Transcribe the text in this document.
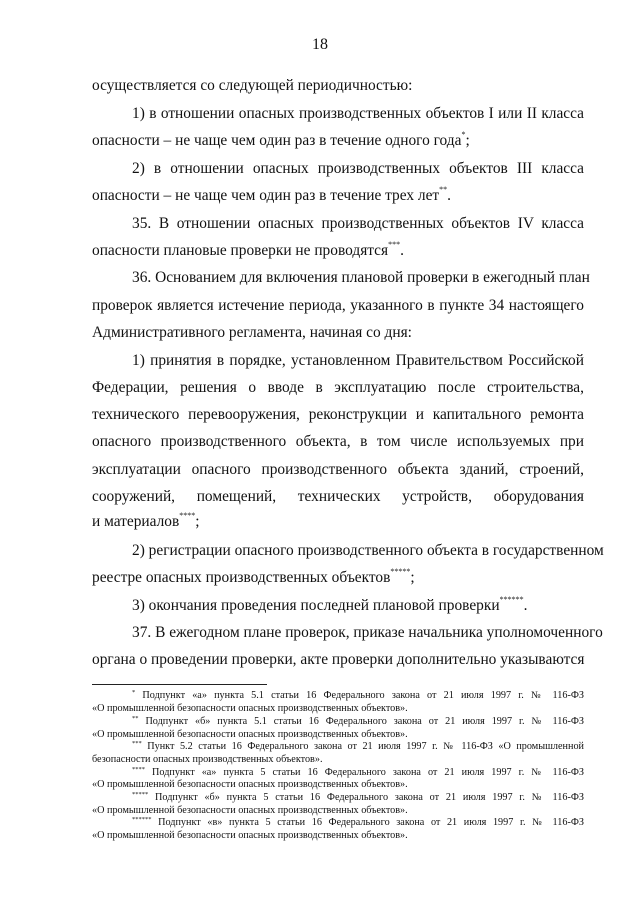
18
осуществляется со следующей периодичностью:
1) в отношении опасных производственных объектов I или II класса
опасности – не чаще чем один раз в течение одного года*;
2) в отношении опасных производственных объектов III класса
опасности – не чаще чем один раз в течение трех лет**.
35. В отношении опасных производственных объектов IV класса
опасности плановые проверки не проводятся***.
36. Основанием для включения плановой проверки в ежегодный план
проверок является истечение периода, указанного в пункте 34 настоящего
Административного регламента, начиная со дня:
1) принятия в порядке, установленном Правительством Российской
Федерации, решения о вводе в эксплуатацию после строительства,
технического перевооружения, реконструкции и капитального ремонта
опасного производственного объекта, в том числе используемых при
эксплуатации опасного производственного объекта зданий, строений,
сооружений, помещений, технических устройств, оборудования
и материалов****;
2) регистрации опасного производственного объекта в государственном
реестре опасных производственных объектов*****;
3) окончания проведения последней плановой проверки******.
37. В ежегодном плане проверок, приказе начальника уполномоченного
органа о проведении проверки, акте проверки дополнительно указываются
* Подпункт «а» пункта 5.1 статьи 16 Федерального закона от 21 июля 1997 г. № 116-ФЗ
«О промышленной безопасности опасных производственных объектов».
** Подпункт «б» пункта 5.1 статьи 16 Федерального закона от 21 июля 1997 г. № 116-ФЗ
«О промышленной безопасности опасных производственных объектов».
*** Пункт 5.2 статьи 16 Федерального закона от 21 июля 1997 г. № 116-ФЗ «О промышленной
безопасности опасных производственных объектов».
**** Подпункт «а» пункта 5 статьи 16 Федерального закона от 21 июля 1997 г. № 116-ФЗ
«О промышленной безопасности опасных производственных объектов».
***** Подпункт «б» пункта 5 статьи 16 Федерального закона от 21 июля 1997 г. № 116-ФЗ
«О промышленной безопасности опасных производственных объектов».
****** Подпункт «в» пункта 5 статьи 16 Федерального закона от 21 июля 1997 г. № 116-ФЗ
«О промышленной безопасности опасных производственных объектов».
